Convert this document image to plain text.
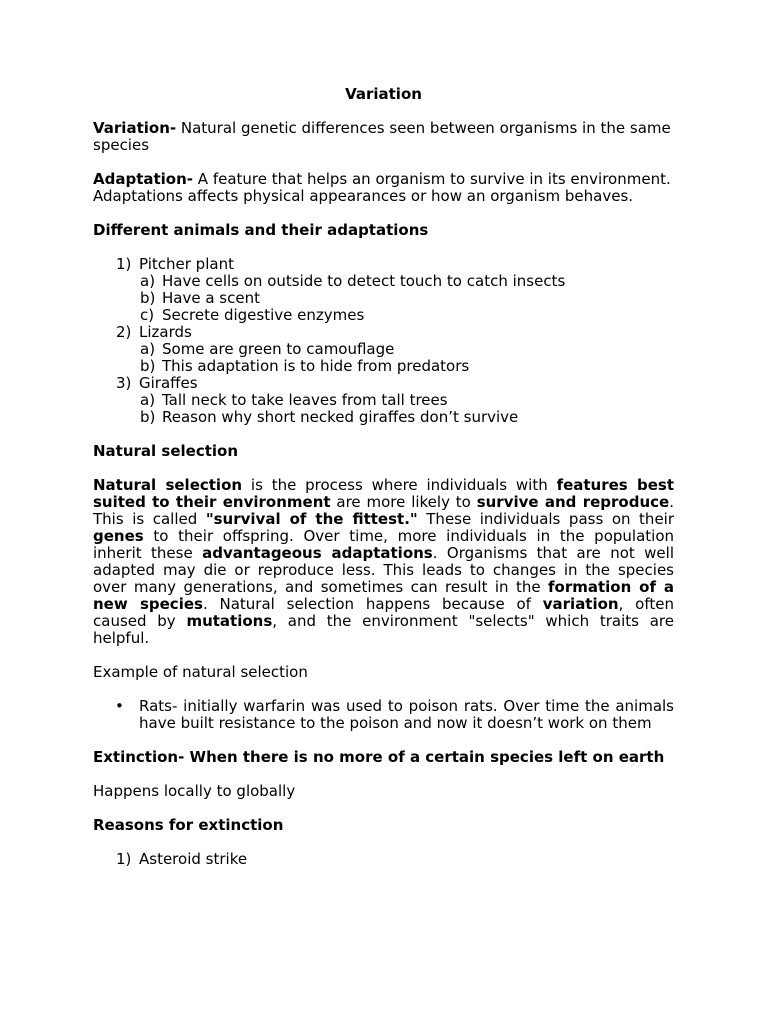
Variation

Variation- Natural genetic differences seen between organisms in the same species

Adaptation- A feature that helps an organism to survive in its environment. Adaptations affects physical appearances or how an organism behaves.

Different animals and their adaptations

1) Pitcher plant
a) Have cells on outside to detect touch to catch insects
b) Have a scent
c) Secrete digestive enzymes
2) Lizards
a) Some are green to camouflage
b) This adaptation is to hide from predators
3) Giraffes
a) Tall neck to take leaves from tall trees
b) Reason why short necked giraffes don’t survive

Natural selection

Natural selection is the process where individuals with features best suited to their environment are more likely to survive and reproduce. This is called "survival of the fittest." These individuals pass on their genes to their offspring. Over time, more individuals in the population inherit these advantageous adaptations. Organisms that are not well adapted may die or reproduce less. This leads to changes in the species over many generations, and sometimes can result in the formation of a new species. Natural selection happens because of variation, often caused by mutations, and the environment "selects" which traits are helpful.

Example of natural selection

• Rats- initially warfarin was used to poison rats. Over time the animals have built resistance to the poison and now it doesn’t work on them

Extinction- When there is no more of a certain species left on earth

Happens locally to globally

Reasons for extinction

1) Asteroid strike
